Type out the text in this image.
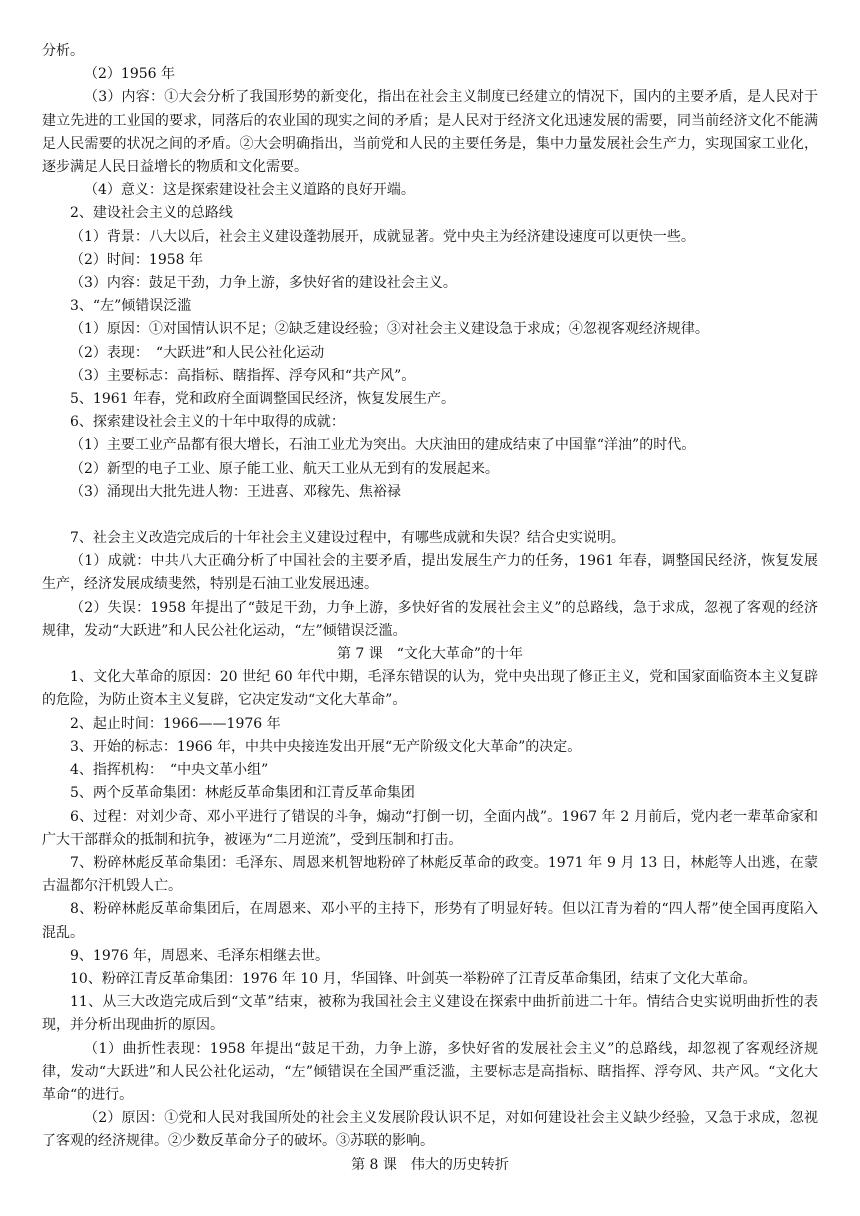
分析。

（2）1956 年

（3）内容：①大会分析了我国形势的新变化，指出在社会主义制度已经建立的情况下，国内的主要矛盾，是人民对于建立先进的工业国的要求，同落后的农业国的现实之间的矛盾；是人民对于经济文化迅速发展的需要，同当前经济文化不能满足人民需要的状况之间的矛盾。②大会明确指出，当前党和人民的主要任务是，集中力量发展社会生产力，实现国家工业化，逐步满足人民日益增长的物质和文化需要。

（4）意义：这是探索建设社会主义道路的良好开端。

2、建设社会主义的总路线

（1）背景：八大以后，社会主义建设蓬勃展开，成就显著。党中央主为经济建设速度可以更快一些。

（2）时间：1958 年

（3）内容：鼓足干劲，力争上游，多快好省的建设社会主义。

3、“左”倾错误泛滥

（1）原因：①对国情认识不足；②缺乏建设经验；③对社会主义建设急于求成；④忽视客观经济规律。

（2）表现：　“大跃进”和人民公社化运动

（3）主要标志：高指标、瞎指挥、浮夸风和“共产风”。

5、1961 年春，党和政府全面调整国民经济，恢复发展生产。

6、探索建设社会主义的十年中取得的成就：

（1）主要工业产品都有很大增长，石油工业尤为突出。大庆油田的建成结束了中国靠“洋油”的时代。

（2）新型的电子工业、原子能工业、航天工业从无到有的发展起来。

（3）涌现出大批先进人物：王进喜、邓稼先、焦裕禄

7、社会主义改造完成后的十年社会主义建设过程中，有哪些成就和失误？结合史实说明。

（1）成就：中共八大正确分析了中国社会的主要矛盾，提出发展生产力的任务，1961 年春，调整国民经济，恢复发展生产，经济发展成绩斐然，特别是石油工业发展迅速。

（2）失误：1958 年提出了“鼓足干劲，力争上游，多快好省的发展社会主义”的总路线，急于求成，忽视了客观的经济规律，发动“大跃进”和人民公社化运动，“左”倾错误泛滥。

第 7 课　“文化大革命”的十年

1、文化大革命的原因：20 世纪 60 年代中期，毛泽东错误的认为，党中央出现了修正主义，党和国家面临资本主义复辟的危险，为防止资本主义复辟，它决定发动“文化大革命”。

2、起止时间：1966——1976 年

3、开始的标志：1966 年，中共中央接连发出开展“无产阶级文化大革命”的决定。

4、指挥机构：　“中央文革小组”

5、两个反革命集团：林彪反革命集团和江青反革命集团

6、过程：对刘少奇、邓小平进行了错误的斗争，煽动“打倒一切，全面内战”。1967 年 2 月前后，党内老一辈革命家和广大干部群众的抵制和抗争，被诬为“二月逆流”，受到压制和打击。

7、粉碎林彪反革命集团：毛泽东、周恩来机智地粉碎了林彪反革命的政变。1971 年 9 月 13 日，林彪等人出逃，在蒙古温都尔汗机毁人亡。

8、粉碎林彪反革命集团后，在周恩来、邓小平的主持下，形势有了明显好转。但以江青为着的“四人帮”使全国再度陷入混乱。

9、1976 年，周恩来、毛泽东相继去世。

10、粉碎江青反革命集团：1976 年 10 月，华国锋、叶剑英一举粉碎了江青反革命集团，结束了文化大革命。

11、从三大改造完成后到“文革”结束，被称为我国社会主义建设在探索中曲折前进二十年。情结合史实说明曲折性的表现，并分析出现曲折的原因。

（1）曲折性表现：1958 年提出“鼓足干劲，力争上游，多快好省的发展社会主义”的总路线，却忽视了客观经济规律，发动“大跃进”和人民公社化运动，“左”倾错误在全国严重泛滥，主要标志是高指标、瞎指挥、浮夸风、共产风。“文化大革命“的进行。

（2）原因：①党和人民对我国所处的社会主义发展阶段认识不足，对如何建设社会主义缺少经验，又急于求成，忽视了客观的经济规律。②少数反革命分子的破坏。③苏联的影响。

第 8 课　伟大的历史转折
